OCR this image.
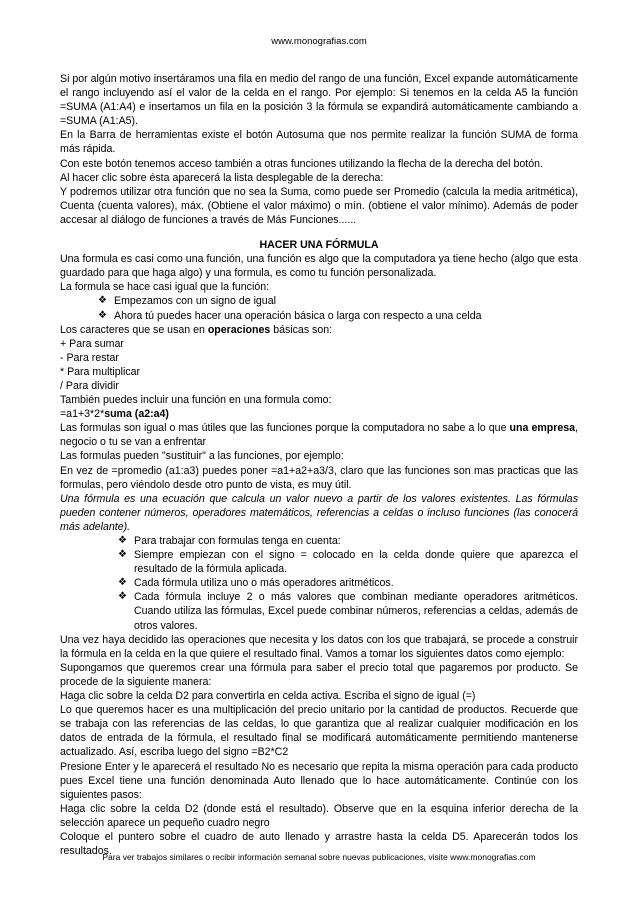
www.monografias.com

Si por algún motivo insertáramos una fila en medio del rango de una función, Excel expande automáticamente el rango incluyendo así el valor de la celda en el rango. Por ejemplo: Si tenemos en la celda A5 la función =SUMA (A1:A4) e insertamos un fila en la posición 3 la fórmula se expandirá automáticamente cambiando a =SUMA (A1:A5).

En la Barra de herramientas existe el botón Autosuma que nos permite realizar la función SUMA de forma más rápida.

Con este botón tenemos acceso también a otras funciones utilizando la flecha de la derecha del botón.

Al hacer clic sobre ésta aparecerá la lista desplegable de la derecha:

Y podremos utilizar otra función que no sea la Suma, como puede ser Promedio (calcula la media aritmética), Cuenta (cuenta valores), máx. (Obtiene el valor máximo) o mín. (obtiene el valor mínimo). Además de poder accesar al diálogo de funciones a través de Más Funciones......

HACER UNA FÓRMULA

Una formula es casi como una función, una función es algo que la computadora ya tiene hecho (algo que esta guardado para que haga algo) y una formula, es como tu función personalizada.

La formula se hace casi igual que la función:

❖ Empezamos con un signo de igual

❖ Ahora tú puedes hacer una operación básica o larga con respecto a una celda

Los caracteres que se usan en operaciones básicas son:

+ Para sumar

- Para restar

* Para multiplicar

/ Para dividir

También puedes incluir una función en una formula como:

=a1+3*2*suma (a2:a4)

Las formulas son igual o mas útiles que las funciones porque la computadora no sabe a lo que una empresa, negocio o tu se van a enfrentar

Las formulas pueden "sustituir" a las funciones, por ejemplo:

En vez de =promedio (a1:a3) puedes poner =a1+a2+a3/3, claro que las funciones son mas practicas que las formulas, pero viéndolo desde otro punto de vista, es muy útil.

Una fórmula es una ecuación que calcula un valor nuevo a partir de los valores existentes. Las fórmulas pueden contener números, operadores matemáticos, referencias a celdas o incluso funciones (las conocerá más adelante).

❖ Para trabajar con formulas tenga en cuenta:

❖ Siempre empiezan con el signo = colocado en la celda donde quiere que aparezca el resultado de la fórmula aplicada.

❖ Cada fórmula utiliza uno o más operadores aritméticos.

❖ Cada fórmula incluye 2 o más valores que combinan mediante operadores aritméticos. Cuando utiliza las fórmulas, Excel puede combinar números, referencias a celdas, además de otros valores.

Una vez haya decidido las operaciones que necesita y los datos con los que trabajará, se procede a construir la fórmula en la celda en la que quiere el resultado final. Vamos a tomar los siguientes datos como ejemplo:

Supongamos que queremos crear una fórmula para saber el precio total que pagaremos por producto. Se procede de la siguiente manera:

Haga clic sobre la celda D2 para convertirla en celda activa. Escriba el signo de igual (=)

Lo que queremos hacer es una multiplicación del precio unitario por la cantidad de productos. Recuerde que se trabaja con las referencias de las celdas, lo que garantiza que al realizar cualquier modificación en los datos de entrada de la fórmula, el resultado final se modificará automáticamente permitiendo mantenerse actualizado. Así, escriba luego del signo =B2*C2

Presione Enter y le aparecerá el resultado No es necesario que repita la misma operación para cada producto pues Excel tiene una función denominada Auto llenado que lo hace automáticamente. Continúe con los siguientes pasos:

Haga clic sobre la celda D2 (donde está el resultado). Observe que en la esquina inferior derecha de la selección aparece un pequeño cuadro negro

Coloque el puntero sobre el cuadro de auto llenado y arrastre hasta la celda D5. Aparecerán todos los resultados.

Para ver trabajos similares o recibir información semanal sobre nuevas publicaciones, visite www.monografias.com
